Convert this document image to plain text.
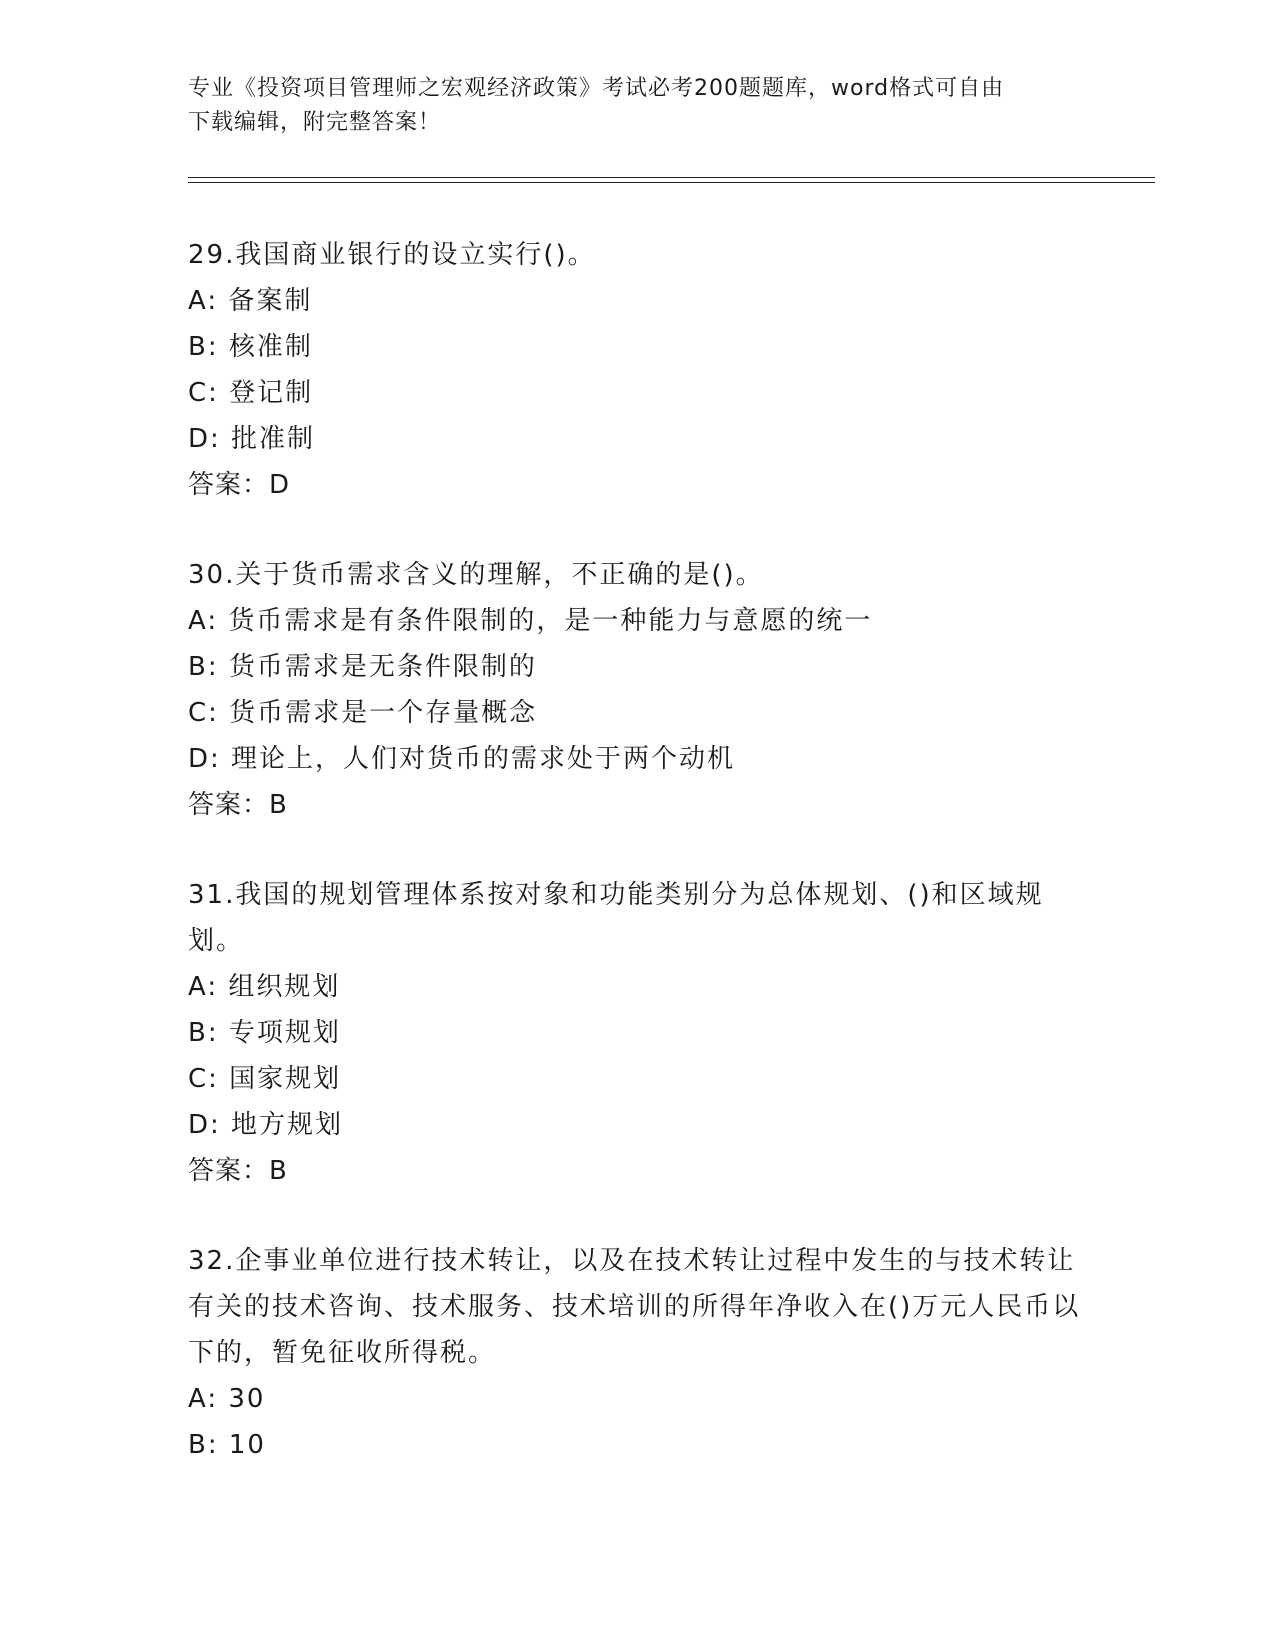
专业《投资项目管理师之宏观经济政策》考试必考200题题库，word格式可自由
下载编辑，附完整答案！

29.我国商业银行的设立实行()。

A: 备案制

B: 核准制

C: 登记制

D: 批准制

答案：D

30.关于货币需求含义的理解，不正确的是()。

A: 货币需求是有条件限制的，是一种能力与意愿的统一

B: 货币需求是无条件限制的

C: 货币需求是一个存量概念

D: 理论上，人们对货币的需求处于两个动机

答案：B

31.我国的规划管理体系按对象和功能类别分为总体规划、()和区域规划。

A: 组织规划

B: 专项规划

C: 国家规划

D: 地方规划

答案：B

32.企事业单位进行技术转让，以及在技术转让过程中发生的与技术转让有关的技术咨询、技术服务、技术培训的所得年净收入在()万元人民币以下的，暂免征收所得税。

A: 30

B: 10
